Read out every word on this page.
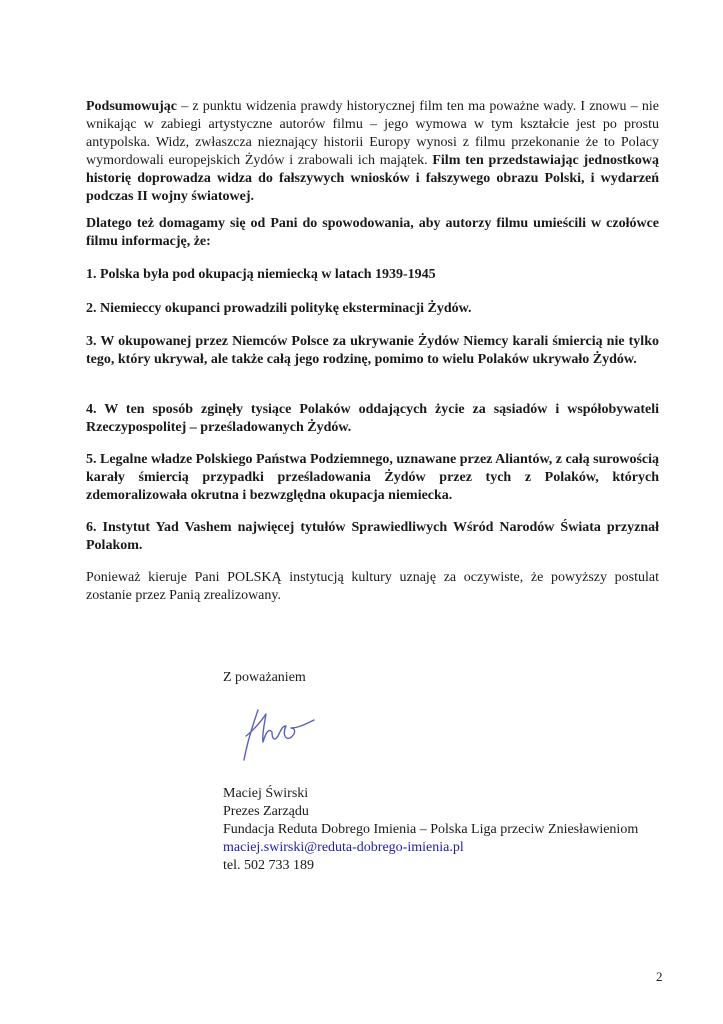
Podsumowując – z punktu widzenia prawdy historycznej film ten ma poważne wady. I znowu – nie wnikając w zabiegi artystyczne autorów filmu – jego wymowa w tym kształcie jest po prostu antypolska. Widz, zwłaszcza nieznający historii Europy wynosi z filmu przekonanie że to Polacy wymordowali europejskich Żydów i zrabowali ich majątek. Film ten przedstawiając jednostkową historię doprowadza widza do fałszywych wniosków i fałszywego obrazu Polski, i wydarzeń podczas II wojny światowej.

Dlatego też domagamy się od Pani do spowodowania, aby autorzy filmu umieścili w czołówce filmu informację, że:

1. Polska była pod okupacją niemiecką w latach 1939-1945

2. Niemieccy okupanci prowadzili politykę eksterminacji Żydów.

3. W okupowanej przez Niemców Polsce za ukrywanie Żydów Niemcy karali śmiercią nie tylko tego, który ukrywał, ale także całą jego rodzinę, pomimo to wielu Polaków ukrywało Żydów.

4. W ten sposób zginęły tysiące Polaków oddających życie za sąsiadów i współobywateli Rzeczypospolitej – prześladowanych Żydów.

5. Legalne władze Polskiego Państwa Podziemnego, uznawane przez Aliantów, z całą surowością karały śmiercią przypadki prześladowania Żydów przez tych z Polaków, których zdemoralizowała okrutna i bezwzględna okupacja niemiecka.

6. Instytut Yad Vashem najwięcej tytułów Sprawiedliwych Wśród Narodów Świata przyznał Polakom.

Ponieważ kieruje Pani POLSKĄ instytucją kultury uznaję za oczywiste, że powyższy postulat zostanie przez Panią zrealizowany.

Z poważaniem
Maciej Świrski
Prezes Zarządu
Fundacja Reduta Dobrego Imienia – Polska Liga przeciw Zniesławieniom
maciej.swirski@reduta-dobrego-imienia.pl
tel. 502 733 189
2
